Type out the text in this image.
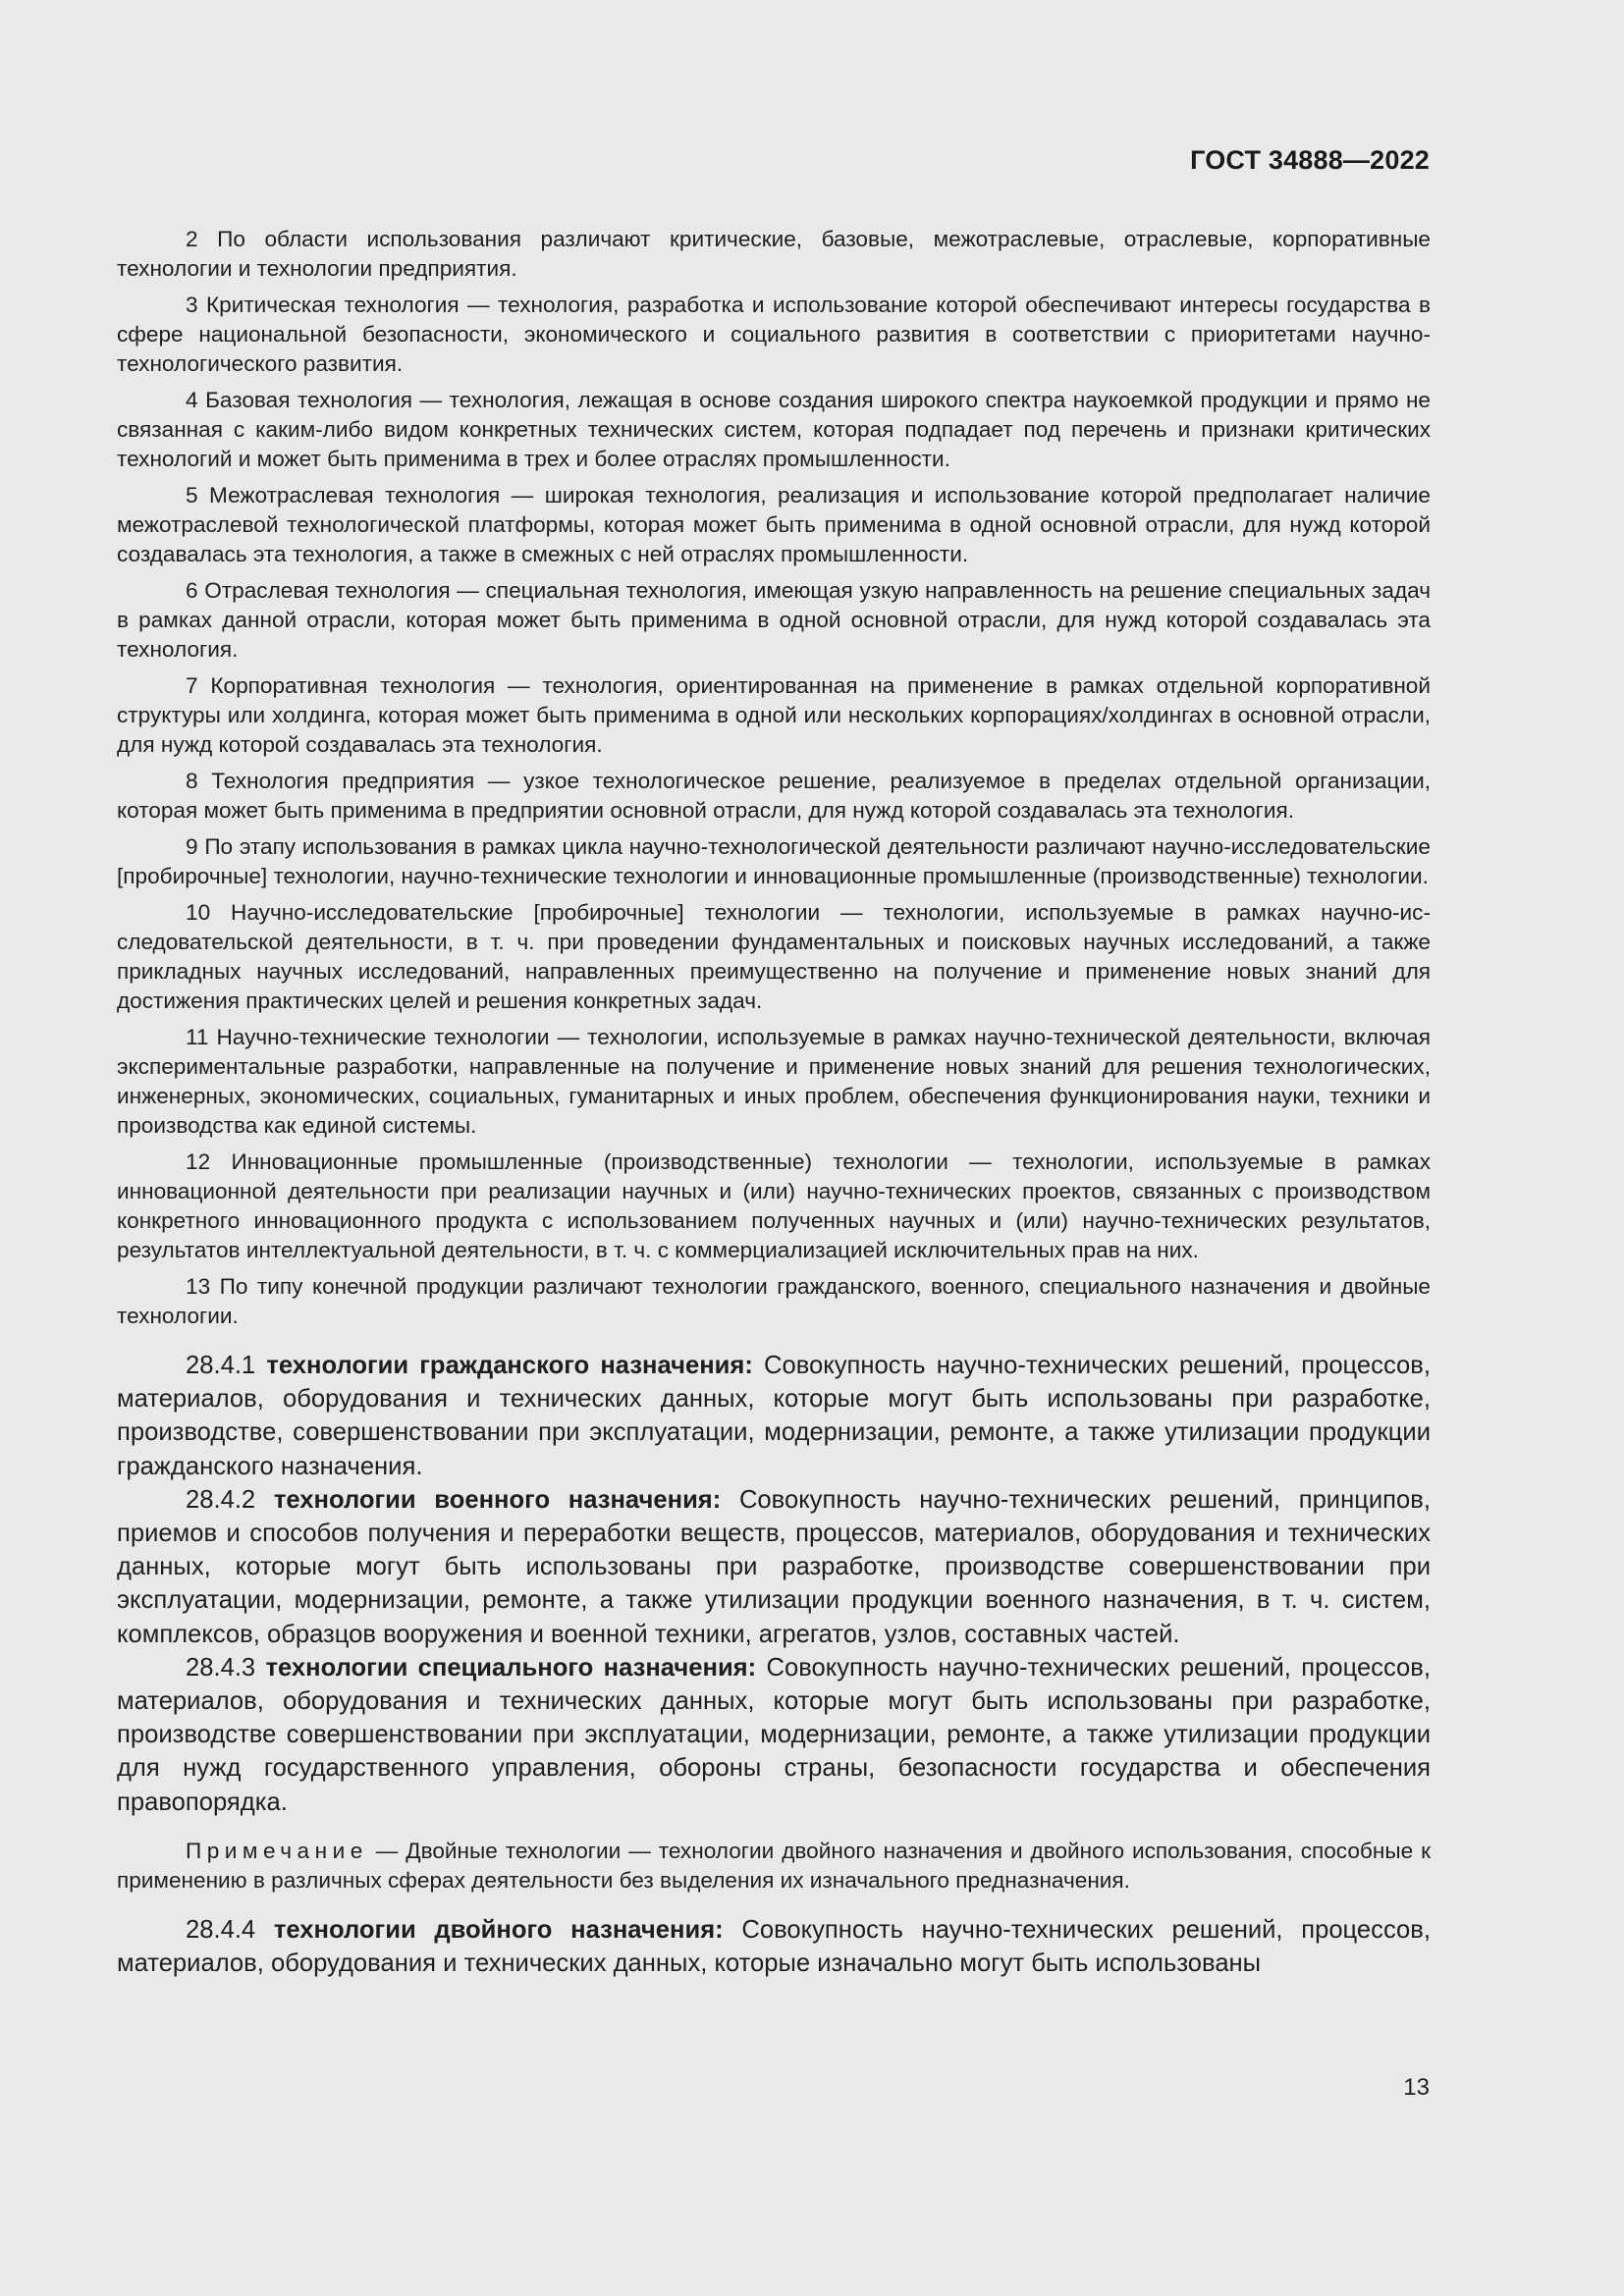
ГОСТ 34888—2022

2 По области использования различают критические, базовые, межотраслевые, отраслевые, корпоративные технологии и технологии предприятия.

3 Критическая технология — технология, разработка и использование которой обеспечивают интересы государства в сфере национальной безопасности, экономического и социального развития в соответствии с приоритетами научно-технологического развития.

4 Базовая технология — технология, лежащая в основе создания широкого спектра наукоемкой продукции и прямо не связанная с каким-либо видом конкретных технических систем, которая подпадает под перечень и признаки критических технологий и может быть применима в трех и более отраслях промышленности.

5 Межотраслевая технология — широкая технология, реализация и использование которой предполагает наличие межотраслевой технологической платформы, которая может быть применима в одной основной отрасли, для нужд которой создавалась эта технология, а также в смежных с ней отраслях промышленности.

6 Отраслевая технология — специальная технология, имеющая узкую направленность на решение специальных задач в рамках данной отрасли, которая может быть применима в одной основной отрасли, для нужд которой создавалась эта технология.

7 Корпоративная технология — технология, ориентированная на применение в рамках отдельной корпоративной структуры или холдинга, которая может быть применима в одной или нескольких корпорациях/холдингах в основной отрасли, для нужд которой создавалась эта технология.

8 Технология предприятия — узкое технологическое решение, реализуемое в пределах отдельной организации, которая может быть применима в предприятии основной отрасли, для нужд которой создавалась эта технология.

9 По этапу использования в рамках цикла научно-технологической деятельности различают научно-исследовательские [пробирочные] технологии, научно-технические технологии и инновационные промышленные (производственные) технологии.

10 Научно-исследовательские [пробирочные] технологии — технологии, используемые в рамках научно-исследовательской деятельности, в т. ч. при проведении фундаментальных и поисковых научных исследований, а также прикладных научных исследований, направленных преимущественно на получение и применение новых знаний для достижения практических целей и решения конкретных задач.

11 Научно-технические технологии — технологии, используемые в рамках научно-технической деятельности, включая экспериментальные разработки, направленные на получение и применение новых знаний для решения технологических, инженерных, экономических, социальных, гуманитарных и иных проблем, обеспечения функционирования науки, техники и производства как единой системы.

12 Инновационные промышленные (производственные) технологии — технологии, используемые в рамках инновационной деятельности при реализации научных и (или) научно-технических проектов, связанных с производством конкретного инновационного продукта с использованием полученных научных и (или) научно-технических результатов, результатов интеллектуальной деятельности, в т. ч. с коммерциализацией исключительных прав на них.

13 По типу конечной продукции различают технологии гражданского, военного, специального назначения и двойные технологии.

28.4.1 технологии гражданского назначения: Совокупность научно-технических решений, процессов, материалов, оборудования и технических данных, которые могут быть использованы при разработке, производстве, совершенствовании при эксплуатации, модернизации, ремонте, а также утилизации продукции гражданского назначения.

28.4.2 технологии военного назначения: Совокупность научно-технических решений, принципов, приемов и способов получения и переработки веществ, процессов, материалов, оборудования и технических данных, которые могут быть использованы при разработке, производстве совершенствовании при эксплуатации, модернизации, ремонте, а также утилизации продукции военного назначения, в т. ч. систем, комплексов, образцов вооружения и военной техники, агрегатов, узлов, составных частей.

28.4.3 технологии специального назначения: Совокупность научно-технических решений, процессов, материалов, оборудования и технических данных, которые могут быть использованы при разработке, производстве совершенствовании при эксплуатации, модернизации, ремонте, а также утилизации продукции для нужд государственного управления, обороны страны, безопасности государства и обеспечения правопорядка.

Примечание — Двойные технологии — технологии двойного назначения и двойного использования, способные к применению в различных сферах деятельности без выделения их изначального предназначения.

28.4.4 технологии двойного назначения: Совокупность научно-технических решений, процессов, материалов, оборудования и технических данных, которые изначально могут быть использованы

13
